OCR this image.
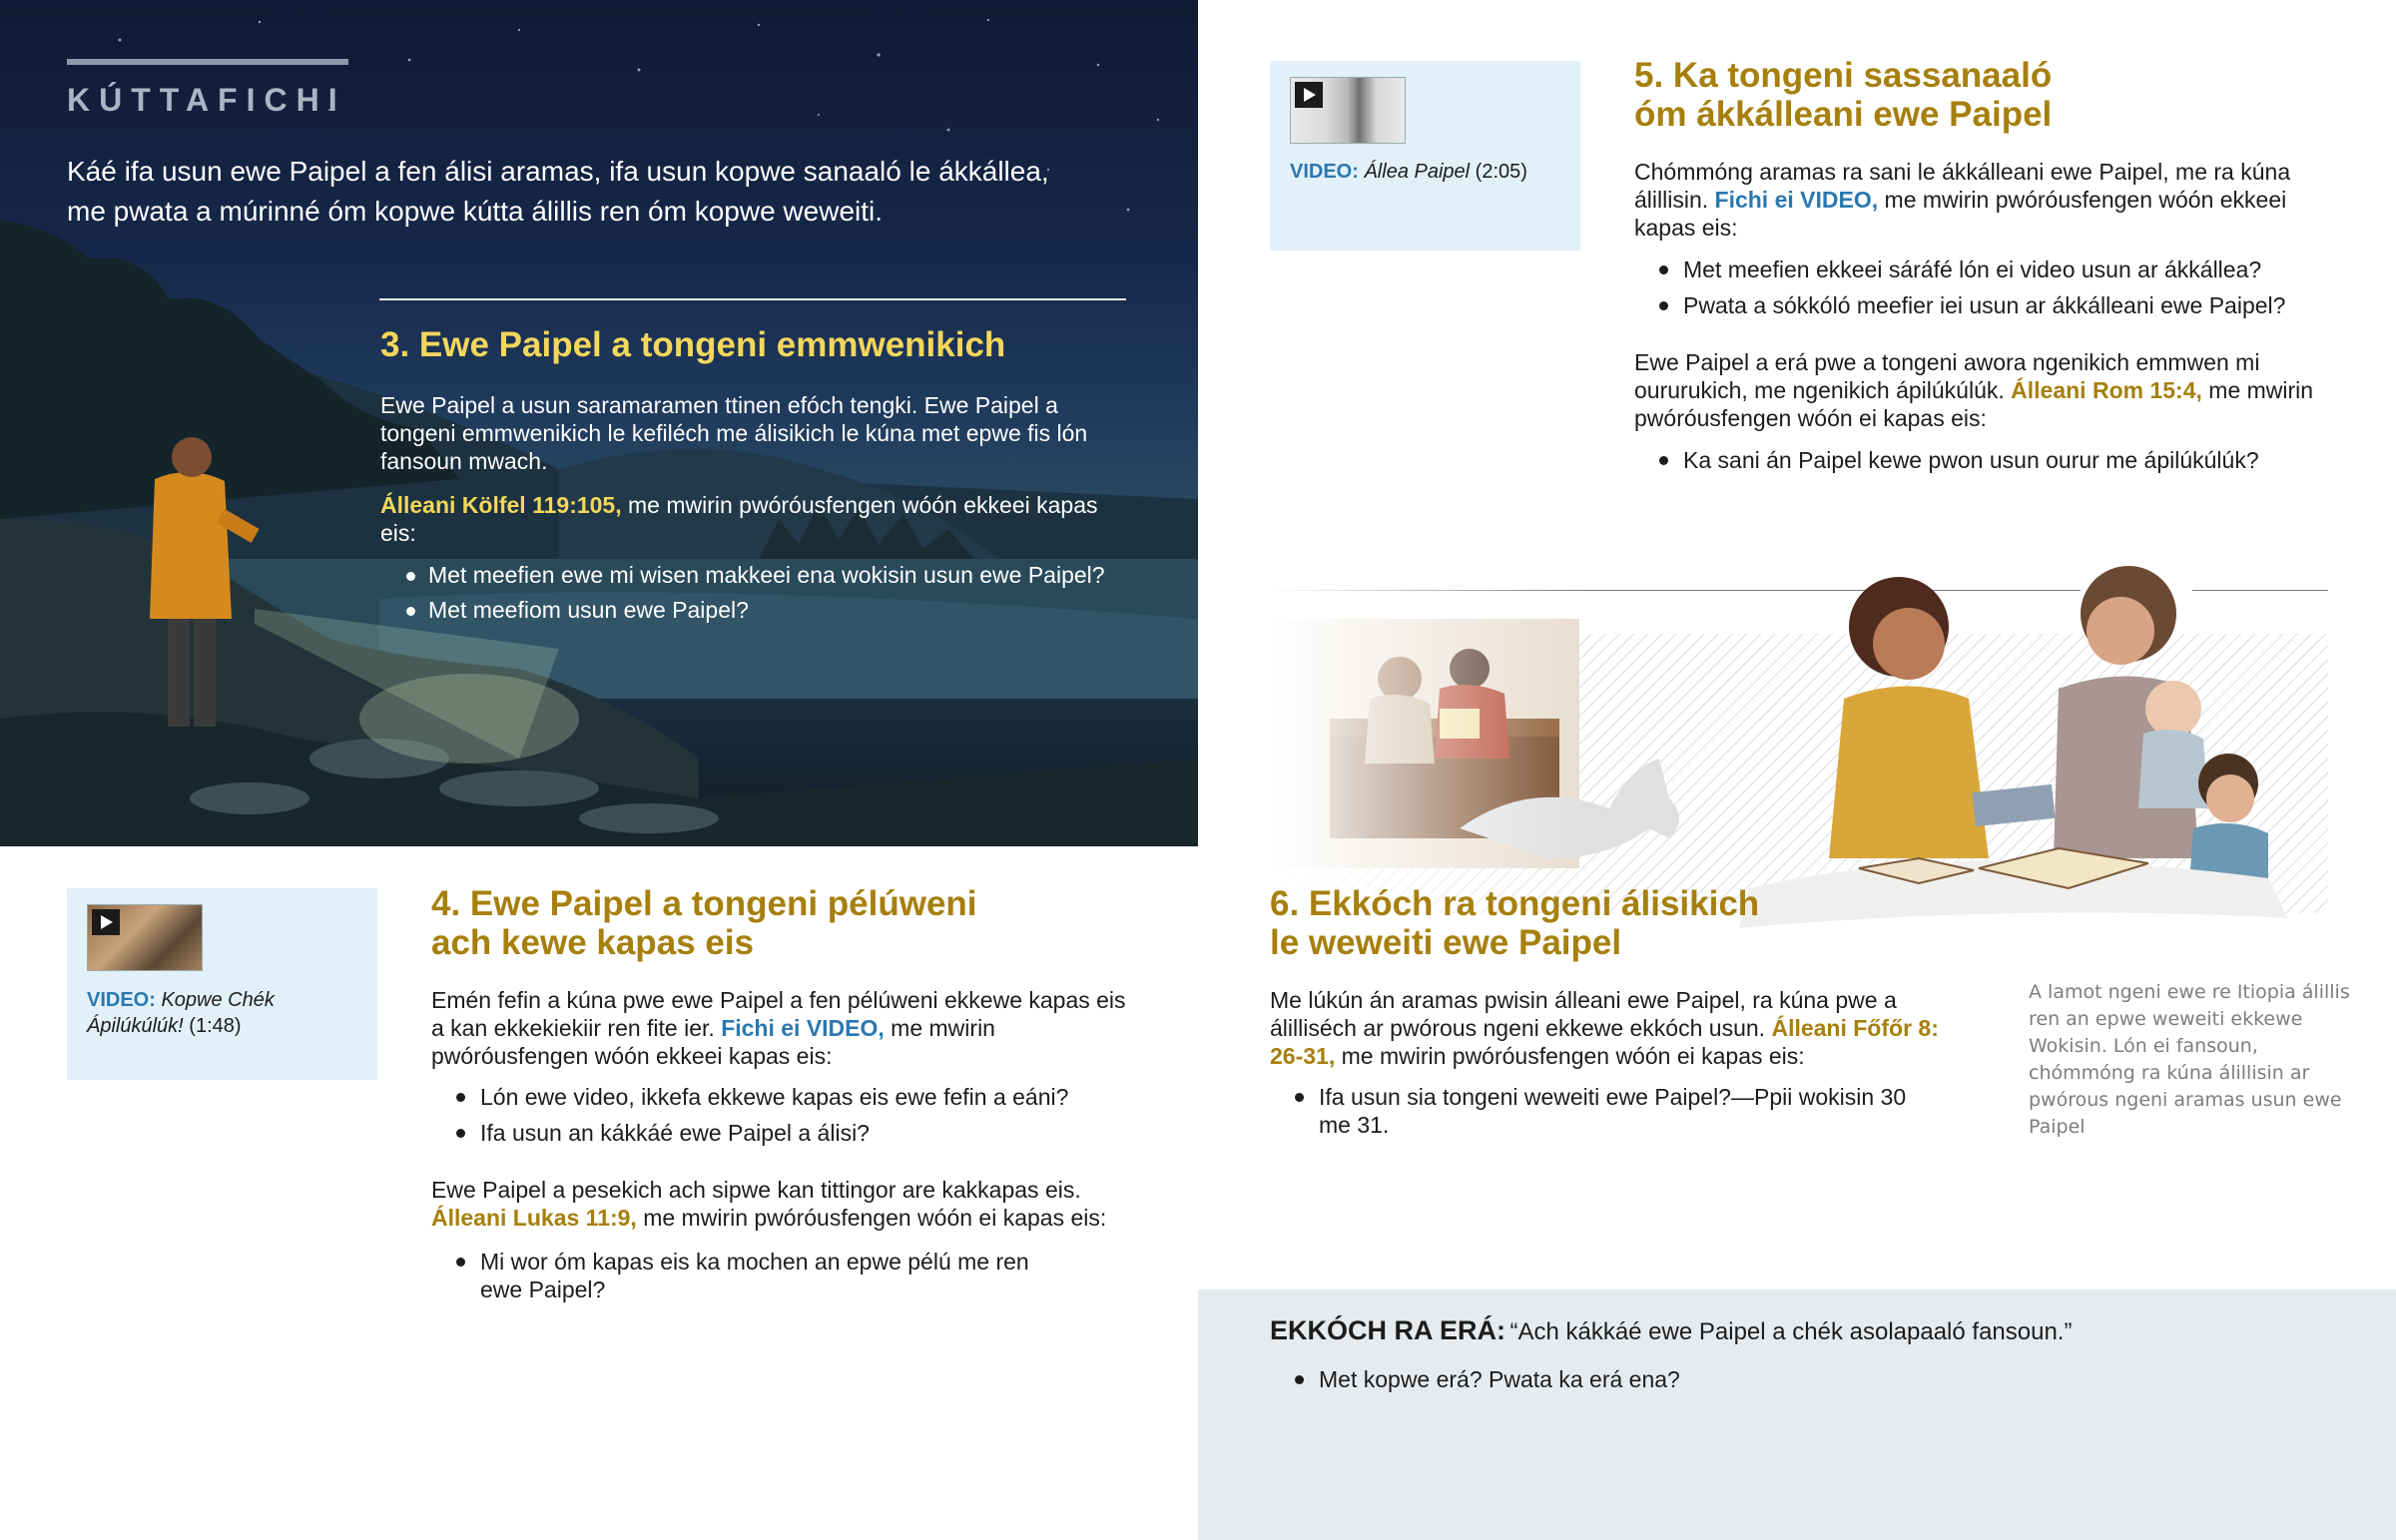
KÚTTAFICHI
Káé ifa usun ewe Paipel a fen álisi aramas, ifa usun kopwe sanaaló le ákkállea, me pwata a múrinné óm kopwe kútta álillis ren óm kopwe weweiti.
3. Ewe Paipel a tongeni emmwenikich
Ewe Paipel a usun saramaramen ttinen efóch tengki. Ewe Paipel a tongeni emmwenikich le kefiléch me álisikich le kúna met epwe fis lón fansoun mwach.
Álleani Kölfel 119:105, me mwirin pwóróusfengen wóón ekkeei kapas eis:
Met meefien ewe mi wisen makkeei ena wokisin usun ewe Paipel?
Met meefiom usun ewe Paipel?
VIDEO: Kopwe Chék Ápilúkúlúk! (1:48)
4. Ewe Paipel a tongeni pélúweni
ach kewe kapas eis
Emén fefin a kúna pwe ewe Paipel a fen pélúweni ekkewe kapas eis a kan ekkekiekiir ren fite ier. Fichi ei VIDEO, me mwirin pwóróusfengen wóón ekkeei kapas eis:
Lón ewe video, ikkefa ekkewe kapas eis ewe fefin a eáni?
Ifa usun an kákkáé ewe Paipel a álisi?
Ewe Paipel a pesekich ach sipwe kan tittingor are kakkapas eis. Álleani Lukas 11:9, me mwirin pwóróusfengen wóón ei kapas eis:
Mi wor óm kapas eis ka mochen an epwe pélú me ren ewe Paipel?
VIDEO: Állea Paipel (2:05)
5. Ka tongeni sassanaaló
óm ákkálleani ewe Paipel
Chómmóng aramas ra sani le ákkálleani ewe Paipel, me ra kúna álillisin. Fichi ei VIDEO, me mwirin pwóróusfengen wóón ekkeei kapas eis:
Met meefien ekkeei sáráfé lón ei video usun ar ákkállea?
Pwata a sókkóló meefier iei usun ar ákkálleani ewe Paipel?
Ewe Paipel a erá pwe a tongeni awora ngenikich emmwen mi oururukich, me ngenikich ápilúkúlúk. Álleani Rom 15:4, me mwirin pwóróusfengen wóón ei kapas eis:
Ka sani án Paipel kewe pwon usun ourur me ápilúkúlúk?
6. Ekkóch ra tongeni álisikich
le weweiti ewe Paipel
Me lúkún án aramas pwisin álleani ewe Paipel, ra kúna pwe a álilliséch ar pwórous ngeni ekkewe ekkóch usun. Álleani Főfőr 8: 26-31, me mwirin pwóróusfengen wóón ei kapas eis:
Ifa usun sia tongeni weweiti ewe Paipel?—Ppii wokisin 30 me 31.
A lamot ngeni ewe re Itiopia álillis ren an epwe weweiti ekkewe Wokisin. Lón ei fansoun, chómmóng ra kúna álillisin ar pwórous ngeni aramas usun ewe Paipel
EKKÓCH RA ERÁ: “Ach kákkáé ewe Paipel a chék asolapaaló fansoun.”
Met kopwe erá? Pwata ka erá ena?
